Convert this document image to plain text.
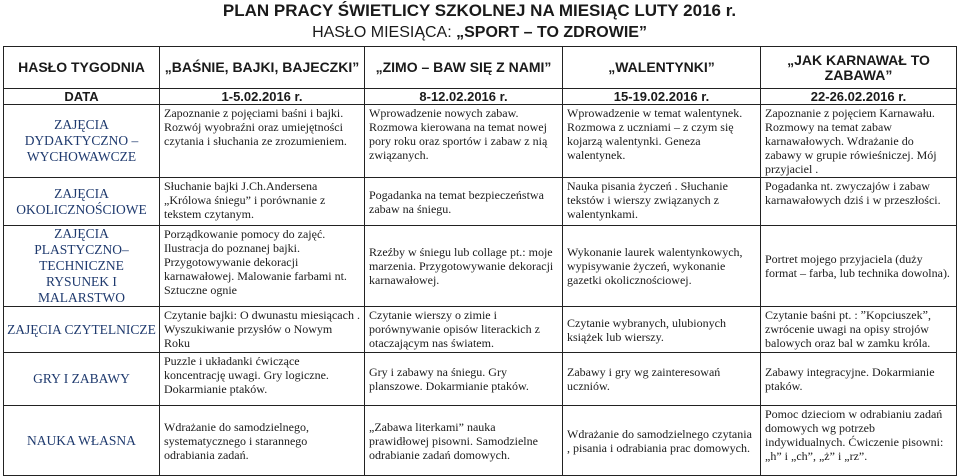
PLAN PRACY ŚWIETLICY SZKOLNEJ NA MIESIĄC LUTY 2016 r.
HASŁO MIESIĄCA: „SPORT – TO ZDROWIE”
HASŁO TYGODNIA	„BAŚNIE, BAJKI, BAJECZKI”	„ZIMO – BAW SIĘ Z NAMI”	„WALENTYNKI”	„JAK KARNAWAŁ TO ZABAWA”
DATA	1-5.02.2016 r.	8-12.02.2016 r.	15-19.02.2016 r.	22-26.02.2016 r.
ZAJĘCIA DYDAKTYCZNO – WYCHOWAWCZE	Zapoznanie z pojęciami baśni i bajki. Rozwój wyobraźni oraz umiejętności czytania i słuchania ze zrozumieniem.	Wprowadzenie nowych zabaw. Rozmowa kierowana na temat nowej pory roku oraz sportów i zabaw z nią związanych.	Wprowadzenie w temat walentynek. Rozmowa z uczniami – z czym się kojarzą walentynki. Geneza walentynek.	Zapoznanie z pojęciem Karnawału. Rozmowy na temat zabaw karnawałowych. Wdrażanie do zabawy w grupie rówieśniczej. Mój przyjaciel .
ZAJĘCIA OKOLICZNOŚCIOWE	Słuchanie bajki J.Ch.Andersena „Królowa śniegu” i porównanie z tekstem czytanym.	Pogadanka na temat bezpieczeństwa zabaw na śniegu.	Nauka pisania życzeń . Słuchanie tekstów i wierszy związanych z walentynkami.	Pogadanka nt. zwyczajów i zabaw karnawałowych dziś i w przeszłości.
ZAJĘCIA PLASTYCZNO– TECHNICZNE RYSUNEK I MALARSTWO	Porządkowanie pomocy do zajęć. Ilustracja do poznanej bajki. Przygotowywanie dekoracji karnawałowej. Malowanie farbami nt. Sztuczne ognie	Rzeźby w śniegu lub collage pt.: moje marzenia. Przygotowywanie dekoracji karnawałowej.	Wykonanie laurek walentynkowych, wypisywanie życzeń, wykonanie gazetki okolicznościowej.	Portret mojego przyjaciela (duży format – farba, lub technika dowolna).
ZAJĘCIA CZYTELNICZE	Czytanie bajki: O dwunastu miesiącach . Wyszukiwanie przysłów o Nowym Roku	Czytanie wierszy o zimie i porównywanie opisów literackich z otaczającym nas światem.	Czytanie wybranych, ulubionych książek lub wierszy.	Czytanie baśni pt. : ˮKopciuszekˮ, zwrócenie uwagi na opisy strojów balowych oraz bal w zamku króla.
GRY I ZABAWY	Puzzle i układanki ćwiczące koncentrację uwagi. Gry logiczne. Dokarmianie ptaków.	Gry i zabawy na śniegu. Gry planszowe. Dokarmianie ptaków.	Zabawy i gry wg zainteresowań uczniów.	Zabawy integracyjne. Dokarmianie ptaków.
NAUKA WŁASNA	Wdrażanie do samodzielnego, systematycznego i starannego odrabiania zadań.	„Zabawa literkami” nauka prawidłowej pisowni. Samodzielne odrabianie zadań domowych.	Wdrażanie do samodzielnego czytania , pisania i odrabiania prac domowych.	Pomoc dzieciom w odrabianiu zadań domowych wg potrzeb indywidualnych. Ćwiczenie pisowni: „h” i „ch”, „ż” i „rz”.
